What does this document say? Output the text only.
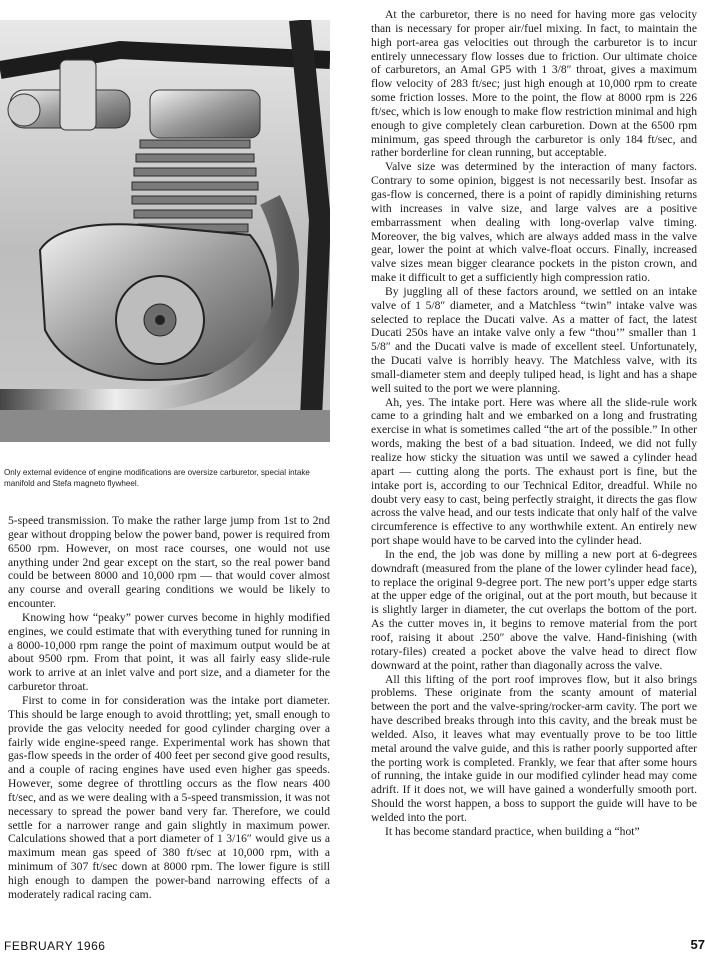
Only external evidence of engine modifications are oversize carburetor, special intake manifold and Stefa magneto flywheel.

5-speed transmission. To make the rather large jump from 1st to 2nd gear without dropping below the power band, power is required from 6500 rpm. However, on most race courses, one would not use anything under 2nd gear except on the start, so the real power band could be between 8000 and 10,000 rpm — that would cover almost any course and overall gearing conditions we would be likely to encounter.

Knowing how “peaky” power curves become in highly modified engines, we could estimate that with everything tuned for running in a 8000-10,000 rpm range the point of maximum output would be at about 9500 rpm. From that point, it was all fairly easy slide-rule work to arrive at an inlet valve and port size, and a diameter for the carburetor throat.

First to come in for consideration was the intake port diameter. This should be large enough to avoid throttling; yet, small enough to provide the gas velocity needed for good cylinder charging over a fairly wide engine-speed range. Experimental work has shown that gas-flow speeds in the order of 400 feet per second give good results, and a couple of racing engines have used even higher gas speeds. However, some degree of throttling occurs as the flow nears 400 ft/sec, and as we were dealing with a 5-speed transmission, it was not necessary to spread the power band very far. Therefore, we could settle for a narrower range and gain slightly in maximum power. Calculations showed that a port diameter of 1 3/16″ would give us a maximum mean gas speed of 380 ft/sec at 10,000 rpm, with a minimum of 307 ft/sec down at 8000 rpm. The lower figure is still high enough to dampen the power-band narrowing effects of a moderately radical racing cam.

At the carburetor, there is no need for having more gas velocity than is necessary for proper air/fuel mixing. In fact, to maintain the high port-area gas velocities out through the carburetor is to incur entirely unnecessary flow losses due to friction. Our ultimate choice of carburetors, an Amal GP5 with 1 3/8″ throat, gives a maximum flow velocity of 283 ft/sec; just high enough at 10,000 rpm to create some friction losses. More to the point, the flow at 8000 rpm is 226 ft/sec, which is low enough to make flow restriction minimal and high enough to give completely clean carburetion. Down at the 6500 rpm minimum, gas speed through the carburetor is only 184 ft/sec, and rather borderline for clean running, but acceptable.

Valve size was determined by the interaction of many factors. Contrary to some opinion, biggest is not necessarily best. Insofar as gas-flow is concerned, there is a point of rapidly diminishing returns with increases in valve size, and large valves are a positive embarrassment when dealing with long-overlap valve timing. Moreover, the big valves, which are always added mass in the valve gear, lower the point at which valve-float occurs. Finally, increased valve sizes mean bigger clearance pockets in the piston crown, and make it difficult to get a sufficiently high compression ratio.

By juggling all of these factors around, we settled on an intake valve of 1 5/8″ diameter, and a Matchless “twin” intake valve was selected to replace the Ducati valve. As a matter of fact, the latest Ducati 250s have an intake valve only a few “thou’” smaller than 1 5/8″ and the Ducati valve is made of excellent steel. Unfortunately, the Ducati valve is horribly heavy. The Matchless valve, with its small-diameter stem and deeply tuliped head, is light and has a shape well suited to the port we were planning.

Ah, yes. The intake port. Here was where all the slide-rule work came to a grinding halt and we embarked on a long and frustrating exercise in what is sometimes called “the art of the possible.” In other words, making the best of a bad situation. Indeed, we did not fully realize how sticky the situation was until we sawed a cylinder head apart — cutting along the ports. The exhaust port is fine, but the intake port is, according to our Technical Editor, dreadful. While no doubt very easy to cast, being perfectly straight, it directs the gas flow across the valve head, and our tests indicate that only half of the valve circumference is effective to any worthwhile extent. An entirely new port shape would have to be carved into the cylinder head.

In the end, the job was done by milling a new port at 6-degrees downdraft (measured from the plane of the lower cylinder head face), to replace the original 9-degree port. The new port’s upper edge starts at the upper edge of the original, out at the port mouth, but because it is slightly larger in diameter, the cut overlaps the bottom of the port. As the cutter moves in, it begins to remove material from the port roof, raising it about .250″ above the valve. Hand-finishing (with rotary-files) created a pocket above the valve head to direct flow downward at the point, rather than diagonally across the valve.

All this lifting of the port roof improves flow, but it also brings problems. These originate from the scanty amount of material between the port and the valve-spring/rocker-arm cavity. The port we have described breaks through into this cavity, and the break must be welded. Also, it leaves what may eventually prove to be too little metal around the valve guide, and this is rather poorly supported after the porting work is completed. Frankly, we fear that after some hours of running, the intake guide in our modified cylinder head may come adrift. If it does not, we will have gained a wonderfully smooth port. Should the worst happen, a boss to support the guide will have to be welded into the port.

It has become standard practice, when building a “hot”

FEBRUARY 1966	57
